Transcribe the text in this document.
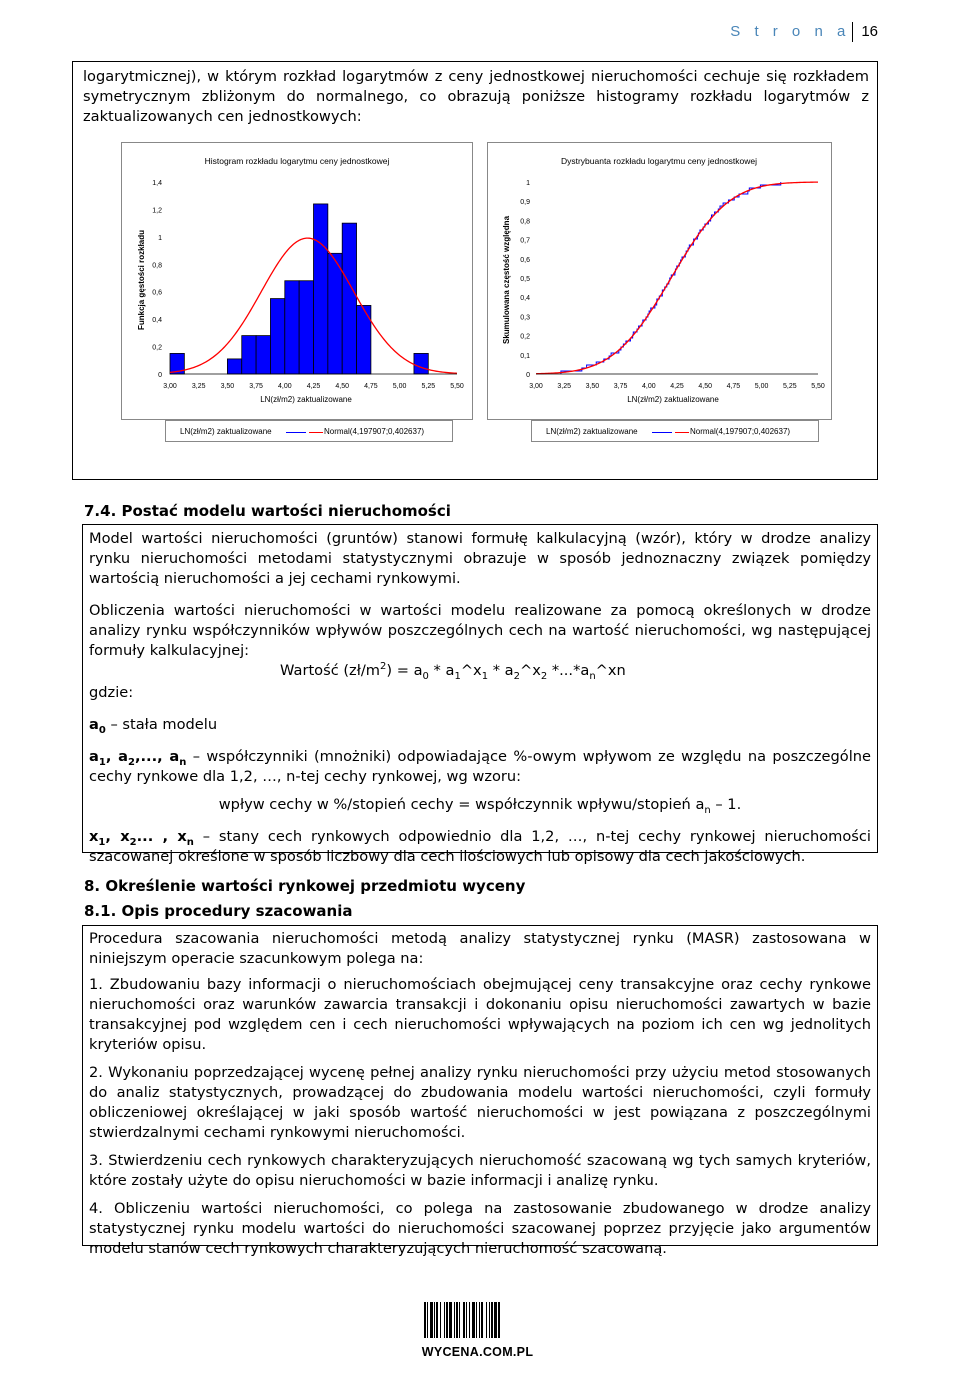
S t r o n a 16

logarytmicznej), w którym rozkład logarytmów z ceny jednostkowej nieruchomości cechuje się rozkładem symetrycznym zbliżonym do normalnego, co obrazują poniższe histogramy rozkładu logarytmów z zaktualizowanych cen jednostkowych:

Histogram rozkładu logarytmu ceny jednostkowej
Funkcja gęstości rozkładu
LN(zł/m2) zaktualizowane
0
0,2
0,4
0,6
0,8
1
1,2
1,4
3,00 3,25 3,50 3,75 4,00 4,25 4,50 4,75 5,00 5,25 5,50
LN(zł/m2) zaktualizowane	Normal(4,197907;0,402637)
Dystrybuanta rozkładu logarytmu ceny jednostkowej
Skumulowana częstość względna
LN(zł/m2) zaktualizowane
0
0,1
0,2
0,3
0,4
0,5
0,6
0,7
0,8
0,9
1
3,00 3,25 3,50 3,75 4,00 4,25 4,50 4,75 5,00 5,25 5,50
LN(zł/m2) zaktualizowane	Normal(4,197907;0,402637)
7.4. Postać modelu wartości nieruchomości

Model wartości nieruchomości (gruntów) stanowi formułę kalkulacyjną (wzór), który w drodze analizy rynku nieruchomości metodami statystycznymi obrazuje w sposób jednoznaczny związek pomiędzy wartością nieruchomości a jej cechami rynkowymi.

Obliczenia wartości nieruchomości w wartości modelu realizowane za pomocą określonych w drodze analizy rynku współczynników wpływów poszczególnych cech na wartość nieruchomości, wg następującej formuły kalkulacyjnej:

Wartość $(zł/m^2) = a_0$ * $a_1\^{}x_1$ * $a_2\^{}x_2$ $*...*a_n\^{}xn$

gdzie:

$a_0$ – stała modelu

$a_1$, $a_2$,..., $a_n$ – współczynniki (mnożniki) odpowiadające %-owym wpływom ze względu na poszczególne cechy rynkowe dla 1,2, …, n-tej cechy rynkowej, wg wzoru:

wpływ cechy w %/stopień cechy = współczynnik wpływu/stopień $a_n - 1$.

$x_1$, $x_2$... , $x_n$ – stany cech rynkowych odpowiednio dla 1,2, …, n-tej cechy rynkowej nieruchomości szacowanej określone w sposób liczbowy dla cech ilościowych lub opisowy dla cech jakościowych.

8. Określenie wartości rynkowej przedmiotu wyceny
8.1. Opis procedury szacowania

Procedura szacowania nieruchomości metodą analizy statystycznej rynku (MASR) zastosowana w niniejszym operacie szacunkowym polega na:

1. Zbudowaniu bazy informacji o nieruchomościach obejmującej ceny transakcyjne oraz cechy rynkowe nieruchomości oraz warunków zawarcia transakcji i dokonaniu opisu nieruchomości zawartych w bazie transakcyjnej pod względem cen i cech nieruchomości wpływających na poziom ich cen wg jednolitych kryteriów opisu.

2. Wykonaniu poprzedzającej wycenę pełnej analizy rynku nieruchomości przy użyciu metod stosowanych do analiz statystycznych, prowadzącej do zbudowania modelu wartości nieruchomości, czyli formuły obliczeniowej określającej w jaki sposób wartość nieruchomości w jest powiązana z poszczególnymi stwierdzalnymi cechami rynkowymi nieruchomości.

3. Stwierdzeniu cech rynkowych charakteryzujących nieruchomość szacowaną wg tych samych kryteriów, które zostały użyte do opisu nieruchomości w bazie informacji i analizę rynku.

4. Obliczeniu wartości nieruchomości, co polega na zastosowanie zbudowanego w drodze analizy statystycznej rynku modelu wartości do nieruchomości szacowanej poprzez przyjęcie jako argumentów modelu stanów cech rynkowych charakteryzujących nieruchomość szacowaną.

WYCENA.COM.PL
